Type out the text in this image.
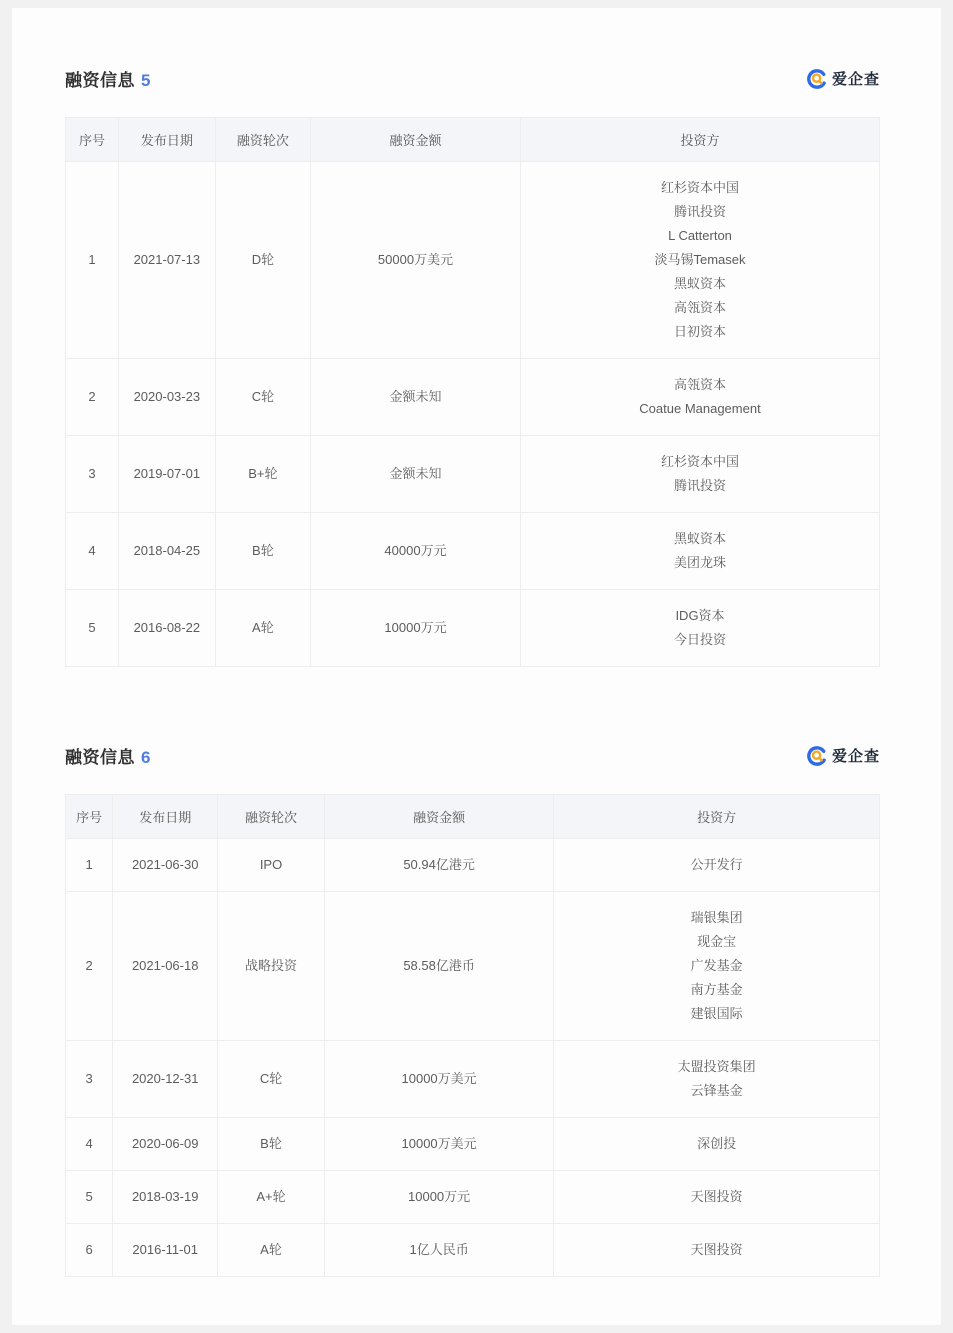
融资信息 5	爱企查
序号	发布日期	融资轮次	融资金额	投资方
1	2021-07-13	D轮	50000万美元	
红杉资本中国
腾讯投资
L Catterton
淡马锡Temasek
黑蚁资本
高瓴资本
日初资本

2	2020-03-23	C轮	金额未知	高瓴资本
Coatue Management

3	2019-07-01	B+轮	金额未知	红杉资本中国
腾讯投资

4	2018-04-25	B轮	40000万元	黑蚁资本
美团龙珠

5	2016-08-22	A轮	10000万元	IDG资本
今日投资
融资信息 6	爱企查
序号	发布日期	融资轮次	融资金额	投资方
1	2021-06-30	IPO	50.94亿港元	公开发行

2	2021-06-18	战略投资	58.58亿港币	瑞银集团
现金宝
广发基金
南方基金
建银国际

3	2020-12-31	C轮	10000万美元	太盟投资集团
云锋基金

4	2020-06-09	B轮	10000万美元	深创投

5	2018-03-19	A+轮	10000万元	天图投资

6	2016-11-01	A轮	1亿人民币	天图投资
